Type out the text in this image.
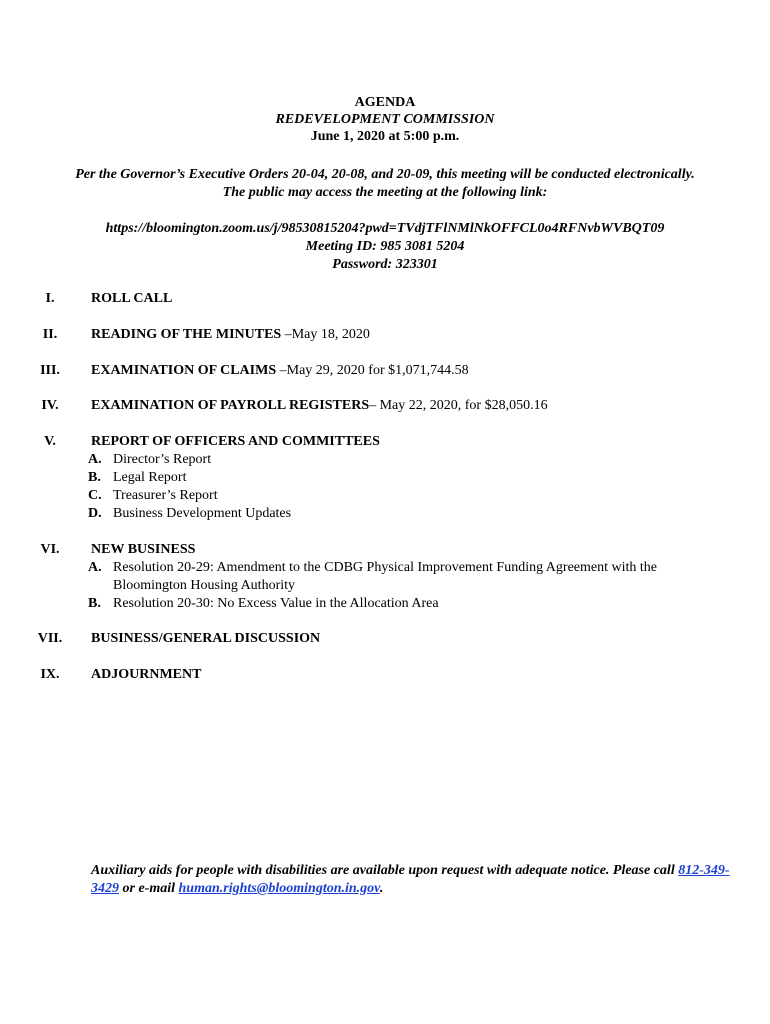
AGENDA
REDEVELOPMENT COMMISSION
June 1, 2020 at 5:00 p.m.
Per the Governor’s Executive Orders 20-04, 20-08, and 20-09, this meeting will be conducted electronically.
The public may access the meeting at the following link:
https://bloomington.zoom.us/j/98530815204?pwd=TVdjTFlNMlNkOFFCL0o4RFNvbWVBQT09
Meeting ID: 985 3081 5204
Password: 323301
I.	ROLL CALL
II.	READING OF THE MINUTES –May 18, 2020
III.	EXAMINATION OF CLAIMS –May 29, 2020 for $1,071,744.58
IV.	EXAMINATION OF PAYROLL REGISTERS– May 22, 2020, for $28,050.16
V.	REPORT OF OFFICERS AND COMMITTEES
A. Director’s Report
B. Legal Report
C. Treasurer’s Report
D. Business Development Updates
VI.	NEW BUSINESS
A. Resolution 20-29: Amendment to the CDBG Physical Improvement Funding Agreement with the Bloomington Housing Authority
B. Resolution 20-30: No Excess Value in the Allocation Area
VII.	BUSINESS/GENERAL DISCUSSION
IX.	ADJOURNMENT
Auxiliary aids for people with disabilities are available upon request with adequate notice. Please call 812-349-3429 or e-mail human.rights@bloomington.in.gov.
